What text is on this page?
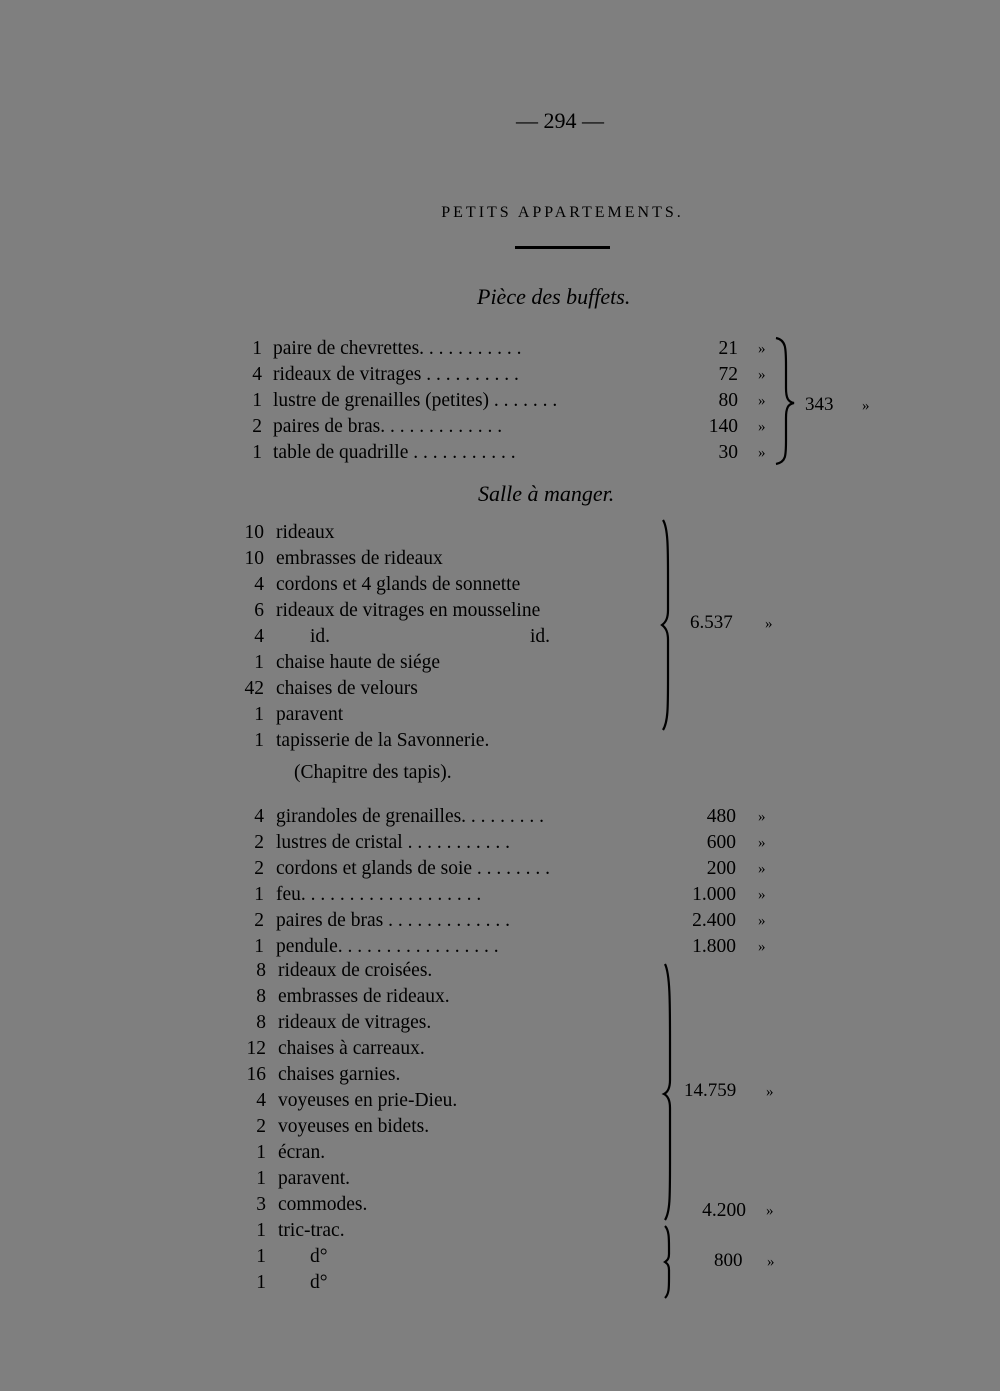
— 294 —
PETITS APPARTEMENTS.
Pièce des buffets.
1 paire de chevrettes. . . . . . . . . . .	21 »
4 rideaux de vitrages . . . . . . . . . .	72 »
1 lustre de grenailles (petites) . . . . . . .	80 »
2 paires de bras. . . . . . . . . . . . .	140 »
1 table de quadrille . . . . . . . . . . .	30 »
343 »
Salle à manger.
10 rideaux
10 embrasses de rideaux
4 cordons et 4 glands de sonnette
6 rideaux de vitrages en mousseline
4 id.	id.
1 chaise haute de siége
42 chaises de velours
1 paravent
1 tapisserie de la Savonnerie.
(Chapitre des tapis).
6.537 »
4 girandoles de grenailles. . . . . . . . .	480 »
2 lustres de cristal . . . . . . . . . . .	600 »
2 cordons et glands de soie . . . . . . . .	200 »
1 feu. . . . . . . . . . . . . . . . . . .	1.000 »
2 paires de bras . . . . . . . . . . . . .	2.400 »
1 pendule. . . . . . . . . . . . . . . . .	1.800 »
8 rideaux de croisées.
8 embrasses de rideaux.
8 rideaux de vitrages.
12 chaises à carreaux.
16 chaises garnies.
4 voyeuses en prie-Dieu.
2 voyeuses en bidets.
1 écran.
1 paravent.
14.759 »
3 commodes.	4.200 »
1 tric-trac.
1 d°
1 d°
800 »
